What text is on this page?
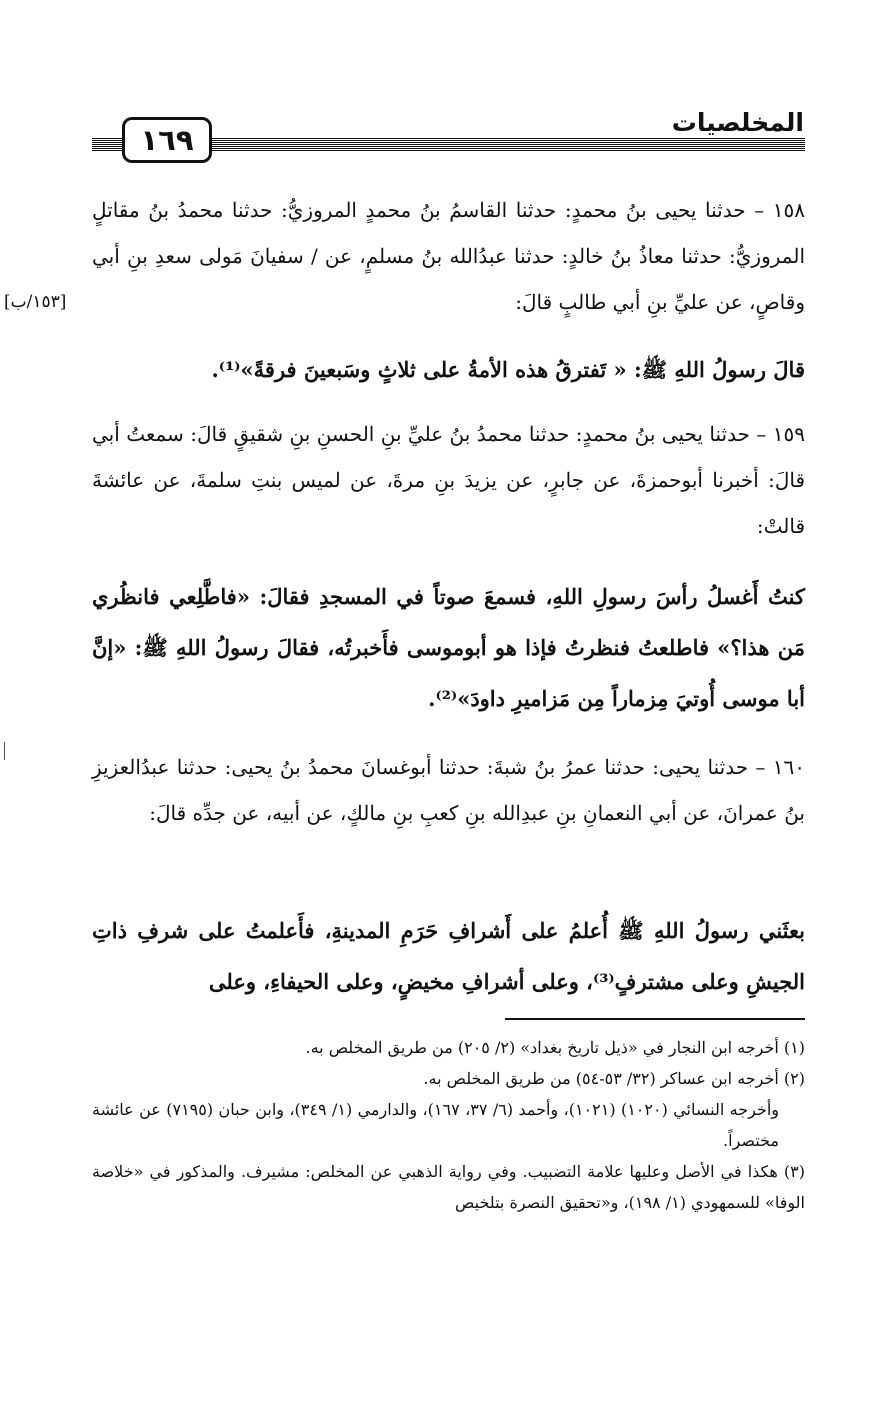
المخلصيات
١٦٩
[١٥٣/ب]
١٥٨ – حدثنا يحيى بنُ محمدٍ: حدثنا القاسمُ بنُ محمدٍ المروزيُّ: حدثنا محمدُ بنُ مقاتلٍ المروزيُّ: حدثنا معاذُ بنُ خالدٍ: حدثنا عبدُالله بنُ مسلمٍ، عن / سفيانَ مَولى سعدِ بنِ أبي وقاصٍ، عن عليِّ بنِ أبي طالبٍ قالَ:
قالَ رسولُ اللهِ ﷺ: « تَفترقُ هذه الأمةُ على ثلاثٍ وسَبعينَ فرقةً»⁽¹⁾.
١٥٩ – حدثنا يحيى بنُ محمدٍ: حدثنا محمدُ بنُ عليِّ بنِ الحسنِ بنِ شقيقٍ قالَ: سمعتُ أبي قالَ: أخبرنا أبوحمزةَ، عن جابرٍ، عن يزيدَ بنِ مرةَ، عن لميس بنتِ سلمةَ، عن عائشةَ قالتْ:
كنتُ أَغسلُ رأسَ رسولِ اللهِ، فسمعَ صوتاً في المسجدِ فقالَ: «فاطَّلِعي فانظُري مَن هذا؟» فاطلعتُ فنظرتُ فإذا هو أبوموسى فأَخبرتُه، فقالَ رسولُ اللهِ ﷺ: «إنَّ أبا موسى أُوتيَ مِزماراً مِن مَزاميرِ داودَ»⁽²⁾.
١٦٠ – حدثنا يحيى: حدثنا عمرُ بنُ شبةَ: حدثنا أبوغسانَ محمدُ بنُ يحيى: حدثنا عبدُالعزيزِ بنُ عمرانَ، عن أبي النعمانِ بنِ عبدِالله بنِ كعبِ بنِ مالكٍ، عن أبيه، عن جدِّه قالَ:
بعثَني رسولُ اللهِ ﷺ أُعلمُ على أَشرافِ حَرَمِ المدينةِ، فأَعلمتُ على شرفِ ذاتِ الجيشِ وعلى مشترفٍ⁽³⁾، وعلى أشرافِ مخيضٍ، وعلى الحيفاءِ، وعلى
(١) أخرجه ابن النجار في «ذيل تاريخ بغداد» (٢/ ٢٠٥) من طريق المخلص به.
(٢) أخرجه ابن عساكر (٣٢/ ٥٣-٥٤) من طريق المخلص به.
وأخرجه النسائي (١٠٢٠) (١٠٢١)، وأحمد (٦/ ٣٧، ١٦٧)، والدارمي (١/ ٣٤٩)، وابن حبان (٧١٩٥) عن عائشة مختصراً.
(٣) هكذا في الأصل وعليها علامة التضبيب. وفي رواية الذهبي عن المخلص: مشيرف. والمذكور في «خلاصة الوفا» للسمهودي (١/ ١٩٨)، و«تحقيق النصرة بتلخيص
